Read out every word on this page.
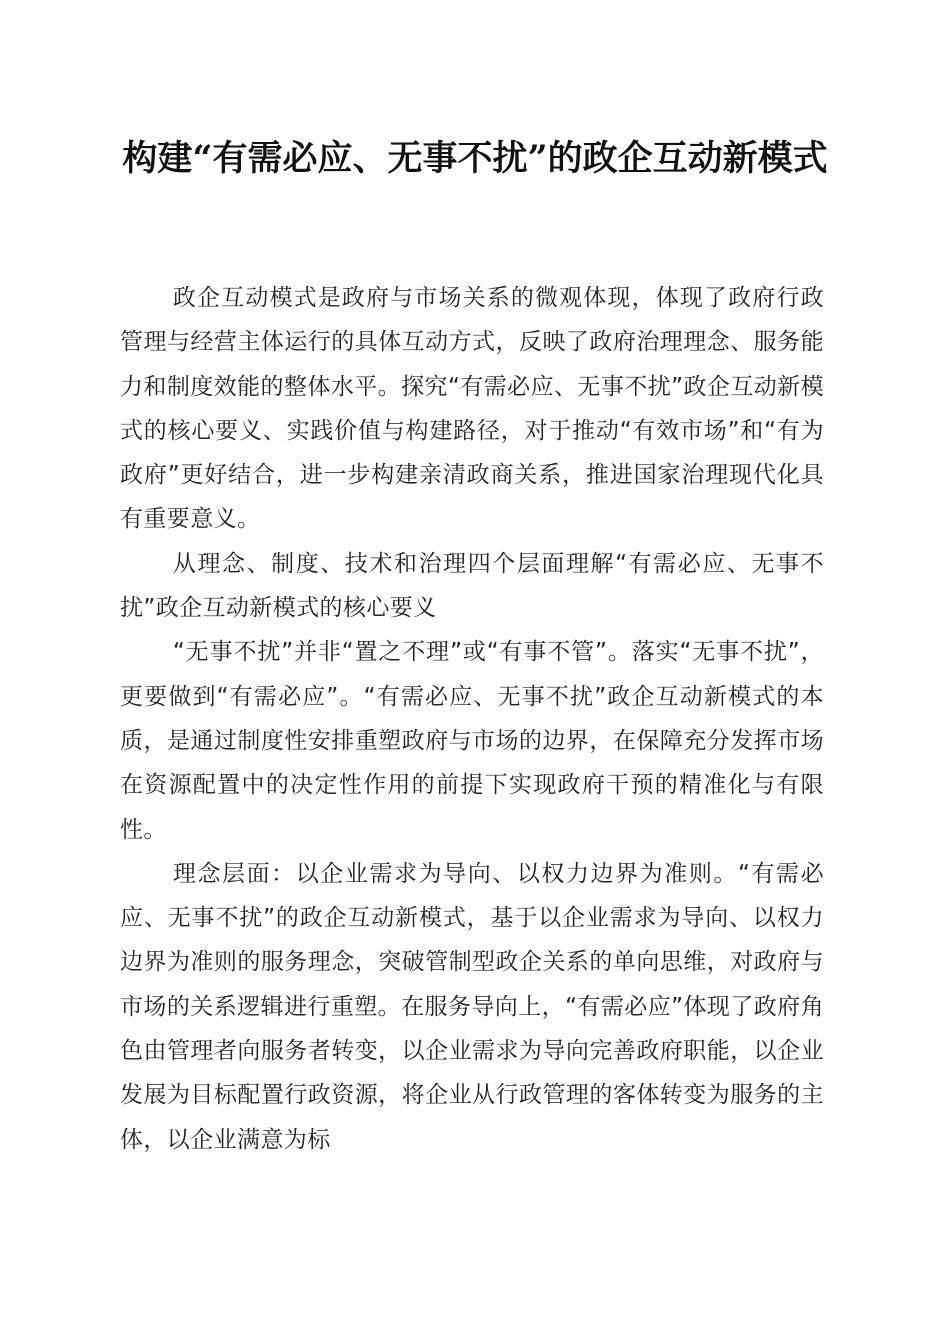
构建“有需必应、无事不扰”的政企互动新模式

政企互动模式是政府与市场关系的微观体现，体现了政府行政管理与经营主体运行的具体互动方式，反映了政府治理理念、服务能力和制度效能的整体水平。探究“有需必应、无事不扰”政企互动新模式的核心要义、实践价值与构建路径，对于推动“有效市场”和“有为政府”更好结合，进一步构建亲清政商关系，推进国家治理现代化具有重要意义。

从理念、制度、技术和治理四个层面理解“有需必应、无事不扰”政企互动新模式的核心要义

“无事不扰”并非“置之不理”或“有事不管”。落实“无事不扰”，更要做到“有需必应”。“有需必应、无事不扰”政企互动新模式的本质，是通过制度性安排重塑政府与市场的边界，在保障充分发挥市场在资源配置中的决定性作用的前提下实现政府干预的精准化与有限性。

理念层面：以企业需求为导向、以权力边界为准则。“有需必应、无事不扰”的政企互动新模式，基于以企业需求为导向、以权力边界为准则的服务理念，突破管制型政企关系的单向思维，对政府与市场的关系逻辑进行重塑。在服务导向上，“有需必应”体现了政府角色由管理者向服务者转变，以企业需求为导向完善政府职能，以企业发展为目标配置行政资源，将企业从行政管理的客体转变为服务的主体，以企业满意为标
